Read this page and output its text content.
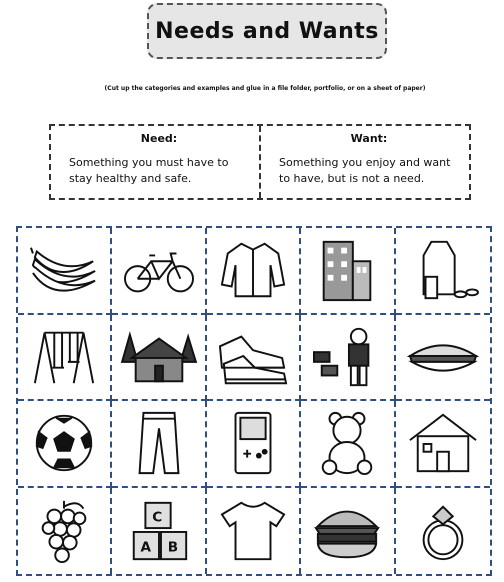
Needs and Wants
(Cut up the categories and examples and glue in a file folder, portfolio, or on a sheet of paper)
Need:
Something you must have to stay healthy and safe.
Want:
Something you enjoy and want to have, but is not a need.
C
A B
